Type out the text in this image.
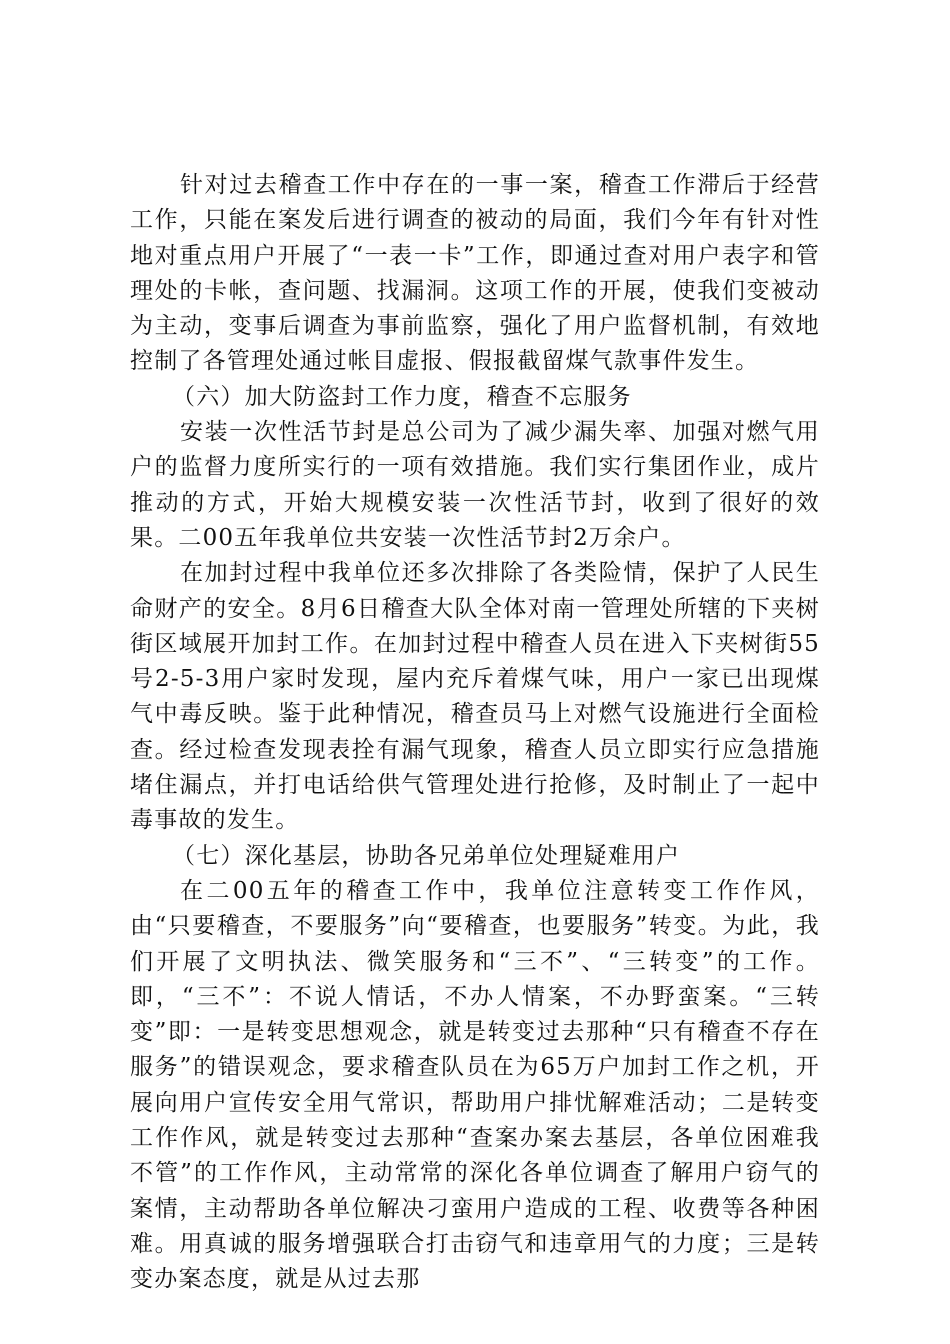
针对过去稽查工作中存在的一事一案，稽查工作滞后于经营工作，只能在案发后进行调查的被动的局面，我们今年有针对性地对重点用户开展了“一表一卡”工作，即通过查对用户表字和管理处的卡帐，查问题、找漏洞。这项工作的开展，使我们变被动为主动，变事后调查为事前监察，强化了用户监督机制，有效地控制了各管理处通过帐目虚报、假报截留煤气款事件发生。

（六）加大防盗封工作力度，稽查不忘服务

安装一次性活节封是总公司为了减少漏失率、加强对燃气用户的监督力度所实行的一项有效措施。我们实行集团作业，成片推动的方式，开始大规模安装一次性活节封，收到了很好的效果。二00五年我单位共安装一次性活节封2万余户。

在加封过程中我单位还多次排除了各类险情，保护了人民生命财产的安全。8月6日稽查大队全体对南一管理处所辖的下夹树街区域展开加封工作。在加封过程中稽查人员在进入下夹树街55号2-5-3用户家时发现，屋内充斥着煤气味，用户一家已出现煤气中毒反映。鉴于此种情况，稽查员马上对燃气设施进行全面检查。经过检查发现表拴有漏气现象，稽查人员立即实行应急措施堵住漏点，并打电话给供气管理处进行抢修，及时制止了一起中毒事故的发生。

（七）深化基层，协助各兄弟单位处理疑难用户

在二00五年的稽查工作中，我单位注意转变工作作风，由“只要稽查，不要服务”向“要稽查，也要服务”转变。为此，我们开展了文明执法、微笑服务和“三不”、“三转变”的工作。即，“三不”：不说人情话，不办人情案，不办野蛮案。“三转变”即：一是转变思想观念，就是转变过去那种“只有稽查不存在服务”的错误观念，要求稽查队员在为65万户加封工作之机，开展向用户宣传安全用气常识，帮助用户排忧解难活动；二是转变工作作风，就是转变过去那种“查案办案去基层，各单位困难我不管”的工作作风，主动常常的深化各单位调查了解用户窃气的案情，主动帮助各单位解决刁蛮用户造成的工程、收费等各种困难。用真诚的服务增强联合打击窃气和违章用气的力度；三是转变办案态度，就是从过去那
